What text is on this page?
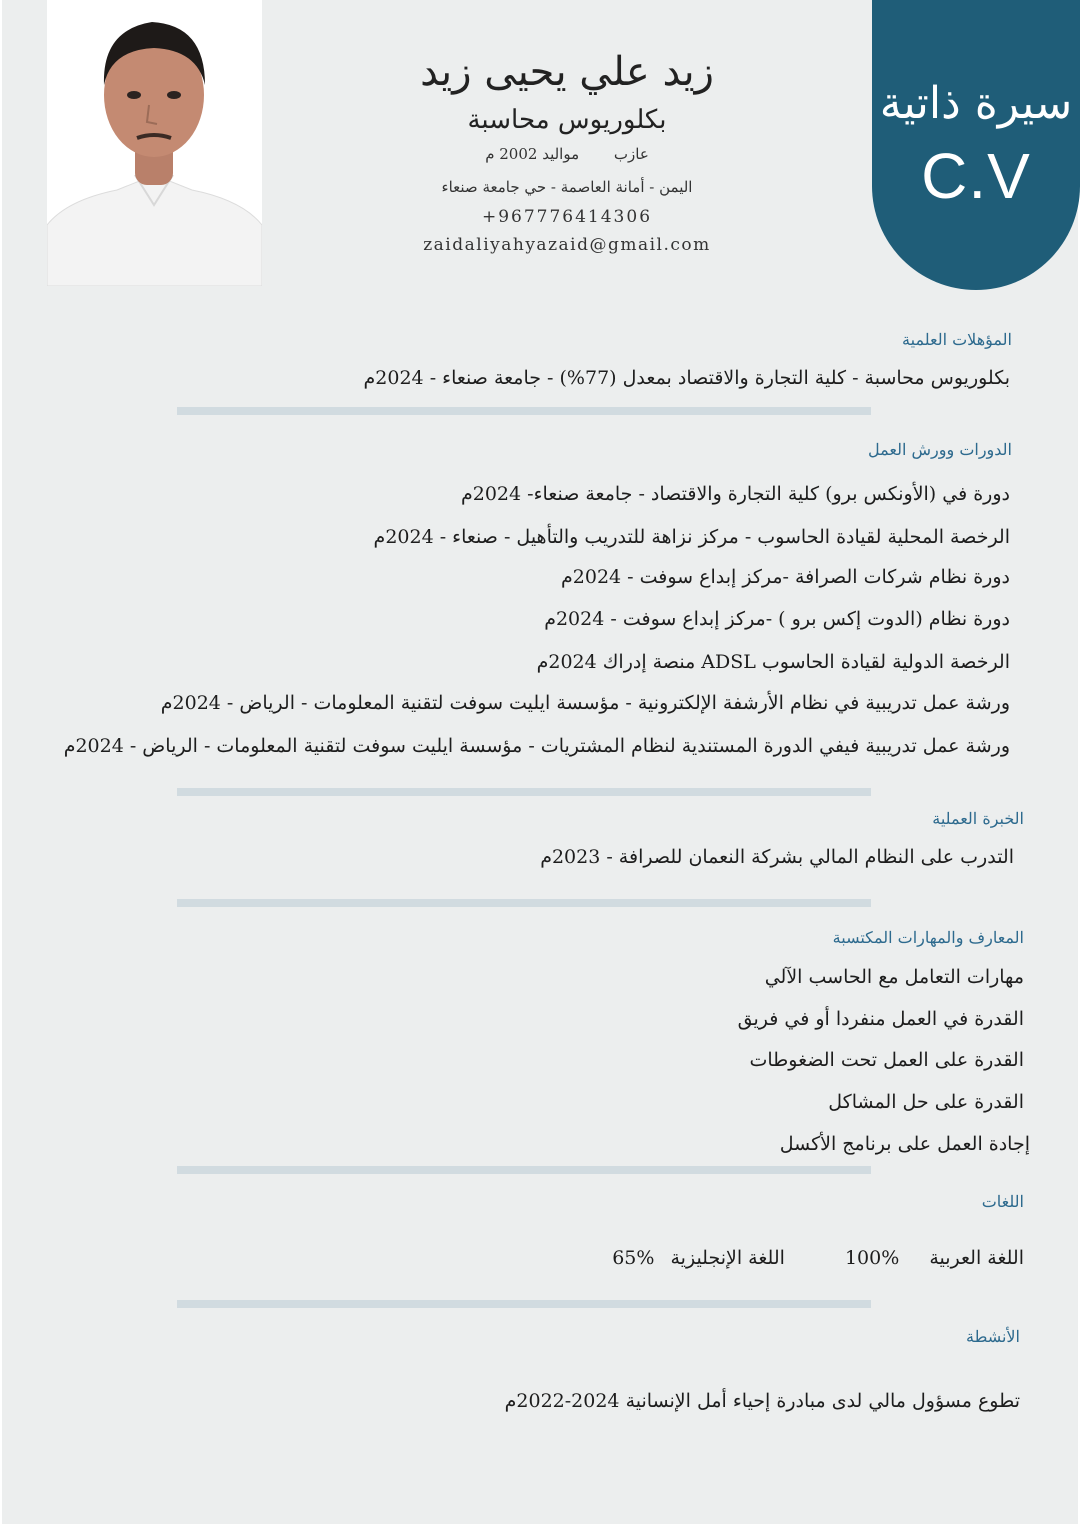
زيد علي يحيى زيد
بكلوريوس محاسبة
عازب مواليد 2002 م
اليمن - أمانة العاصمة - حي جامعة صنعاء
+967776414306
zaidaliyahyazaid@gmail.com
سيرة ذاتية
C.V
المؤهلات العلمية
بكلوريوس محاسبة - كلية التجارة والاقتصاد بمعدل (77%) - جامعة صنعاء - 2024م
الدورات وورش العمل
دورة في (الأونكس برو) كلية التجارة والاقتصاد - جامعة صنعاء- 2024م
الرخصة المحلية لقيادة الحاسوب - مركز نزاهة للتدريب والتأهيل - صنعاء - 2024م
دورة نظام شركات الصرافة -مركز إبداع سوفت - 2024م
دورة نظام (الدوت إكس برو ) -مركز إبداع سوفت - 2024م
الرخصة الدولية لقيادة الحاسوب ADSL منصة إدراك 2024م
ورشة عمل تدريبية في نظام الأرشفة الإلكترونية - مؤسسة ايليت سوفت لتقنية المعلومات - الرياض - 2024م
ورشة عمل تدريبية فيفي الدورة المستندية لنظام المشتريات - مؤسسة ايليت سوفت لتقنية المعلومات - الرياض - 2024م
الخبرة العملية
التدرب على النظام المالي بشركة النعمان للصرافة - 2023م
المعارف والمهارات المكتسبة
مهارات التعامل مع الحاسب الآلي
القدرة في العمل منفردا أو في فريق
القدرة على العمل تحت الضغوطات
القدرة على حل المشاكل
إجادة العمل على برنامج الأكسل
اللغات
اللغة العربية 100% اللغة الإنجليزية 65%
الأنشطة
تطوع مسؤول مالي لدى مبادرة إحياء أمل الإنسانية 2024-2022م
